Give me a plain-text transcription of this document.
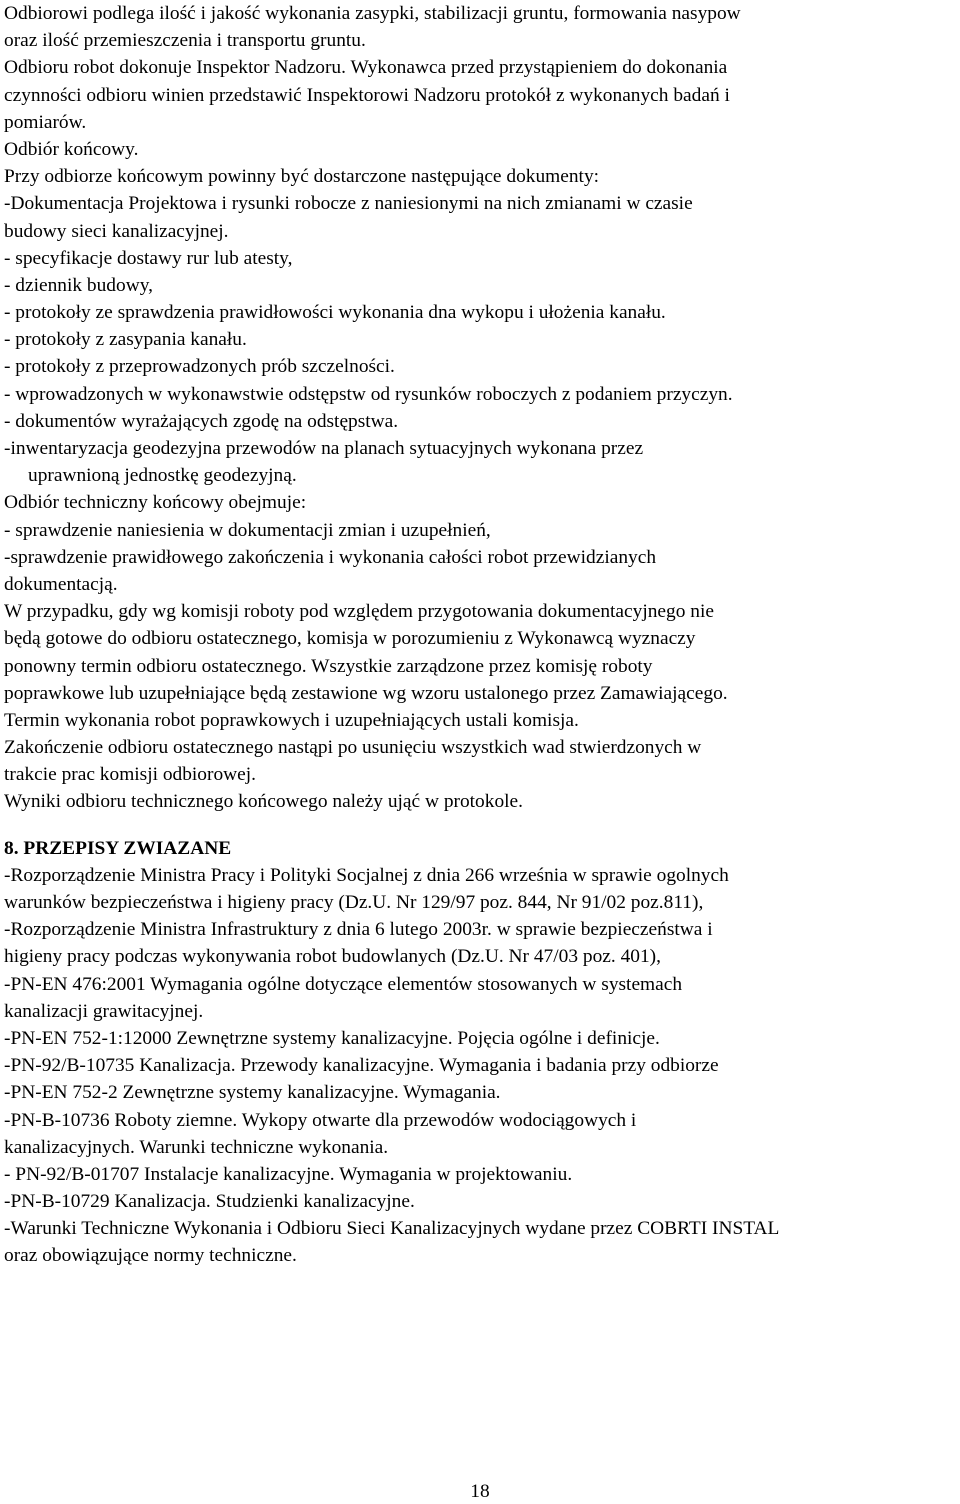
Odbiorowi podlega ilość i jakość wykonania zasypki, stabilizacji gruntu, formowania nasypow
oraz ilość przemieszczenia i transportu gruntu.
Odbioru robot dokonuje Inspektor Nadzoru. Wykonawca przed przystąpieniem do dokonania
czynności odbioru winien przedstawić Inspektorowi Nadzoru protokół z wykonanych badań i
pomiarów.
Odbiór końcowy.
Przy odbiorze końcowym powinny być dostarczone następujące dokumenty:
-Dokumentacja Projektowa i rysunki robocze z naniesionymi na nich zmianami w czasie
budowy sieci kanalizacyjnej.
- specyfikacje dostawy rur lub atesty,
- dziennik budowy,
- protokoły ze sprawdzenia prawidłowości wykonania dna wykopu i ułożenia kanału.
- protokoły z zasypania kanału.
- protokoły z przeprowadzonych prób szczelności.
- wprowadzonych w wykonawstwie odstępstw od rysunków roboczych z podaniem przyczyn.
- dokumentów wyrażających zgodę na odstępstwa.
-inwentaryzacja geodezyjna przewodów na planach sytuacyjnych wykonana przez
uprawnioną jednostkę geodezyjną.
Odbiór techniczny końcowy obejmuje:
- sprawdzenie naniesienia w dokumentacji zmian i uzupełnień,
-sprawdzenie prawidłowego zakończenia i wykonania całości robot przewidzianych
dokumentacją.
W przypadku, gdy wg komisji roboty pod względem przygotowania dokumentacyjnego nie
będą gotowe do odbioru ostatecznego, komisja w porozumieniu z Wykonawcą wyznaczy
ponowny termin odbioru ostatecznego. Wszystkie zarządzone przez komisję roboty
poprawkowe lub uzupełniające będą zestawione wg wzoru ustalonego przez Zamawiającego.
Termin wykonania robot poprawkowych i uzupełniających ustali komisja.
Zakończenie odbioru ostatecznego nastąpi po usunięciu wszystkich wad stwierdzonych w
trakcie prac komisji odbiorowej.
Wyniki odbioru technicznego końcowego należy ująć w protokole.
8. PRZEPISY ZWIAZANE
-Rozporządzenie Ministra Pracy i Polityki Socjalnej z dnia 266 września w sprawie ogolnych
warunków bezpieczeństwa i higieny pracy (Dz.U. Nr 129/97 poz. 844, Nr 91/02 poz.811),
-Rozporządzenie Ministra Infrastruktury z dnia 6 lutego 2003r. w sprawie bezpieczeństwa i
higieny pracy podczas wykonywania robot budowlanych (Dz.U. Nr 47/03 poz. 401),
-PN-EN 476:2001 Wymagania ogólne dotyczące elementów stosowanych w systemach
kanalizacji grawitacyjnej.
-PN-EN 752-1:12000 Zewnętrzne systemy kanalizacyjne. Pojęcia ogólne i definicje.
-PN-92/B-10735 Kanalizacja. Przewody kanalizacyjne. Wymagania i badania przy odbiorze
-PN-EN 752-2 Zewnętrzne systemy kanalizacyjne. Wymagania.
-PN-B-10736 Roboty ziemne. Wykopy otwarte dla przewodów wodociągowych i
kanalizacyjnych. Warunki techniczne wykonania.
- PN-92/B-01707 Instalacje kanalizacyjne. Wymagania w projektowaniu.
-PN-B-10729 Kanalizacja. Studzienki kanalizacyjne.
-Warunki Techniczne Wykonania i Odbioru Sieci Kanalizacyjnych wydane przez COBRTI INSTAL
oraz obowiązujące normy techniczne.
18
